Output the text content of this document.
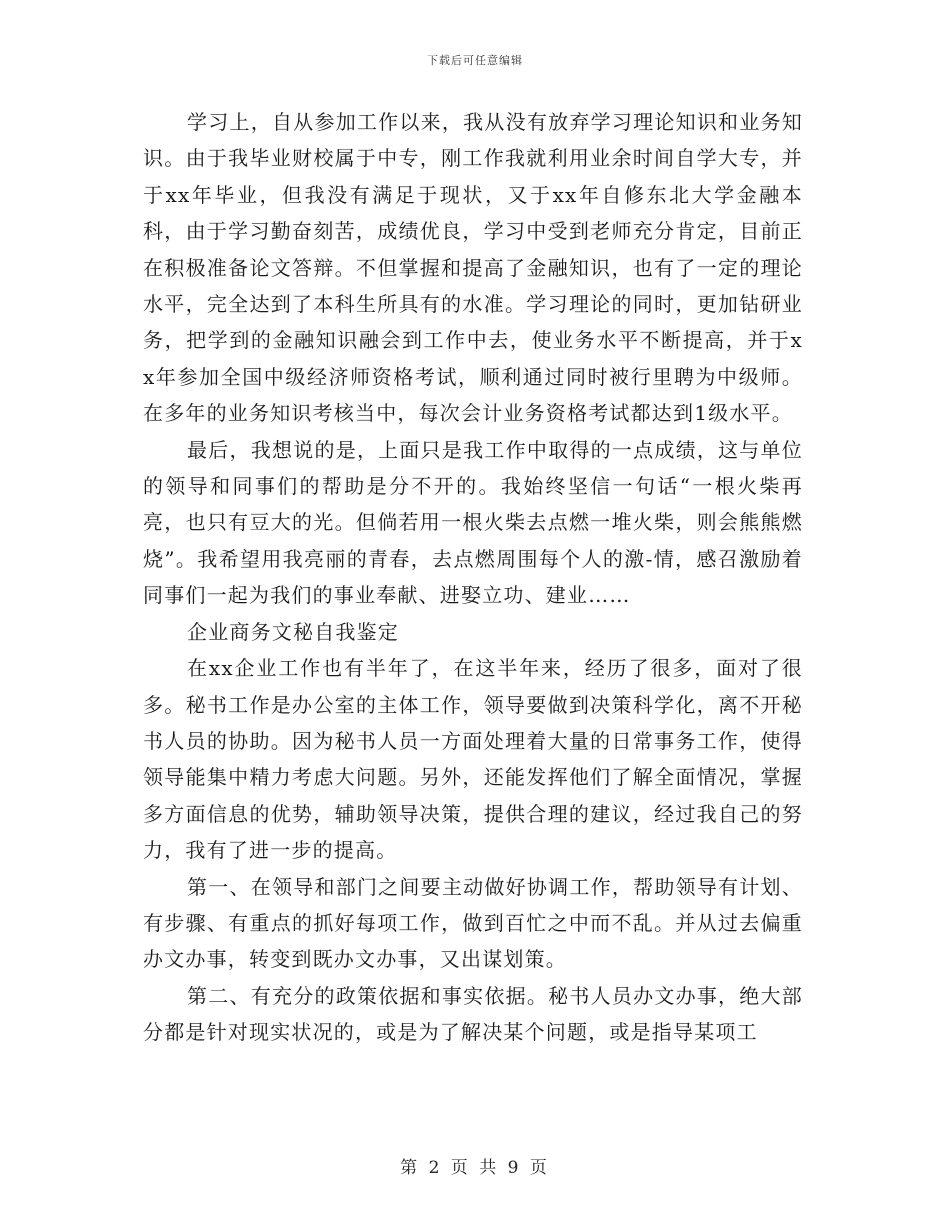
下载后可任意编辑

学习上，自从参加工作以来，我从没有放弃学习理论知识和业务知识。由于我毕业财校属于中专，刚工作我就利用业余时间自学大专，并于xx年毕业，但我没有满足于现状，又于xx年自修东北大学金融本科，由于学习勤奋刻苦，成绩优良，学习中受到老师充分肯定，目前正在积极准备论文答辩。不但掌握和提高了金融知识，也有了一定的理论水平，完全达到了本科生所具有的水准。学习理论的同时，更加钻研业务，把学到的金融知识融会到工作中去，使业务水平不断提高，并于xx年参加全国中级经济师资格考试，顺利通过同时被行里聘为中级师。在多年的业务知识考核当中，每次会计业务资格考试都达到1级水平。

最后，我想说的是，上面只是我工作中取得的一点成绩，这与单位的领导和同事们的帮助是分不开的。我始终坚信一句话“一根火柴再亮，也只有豆大的光。但倘若用一根火柴去点燃一堆火柴，则会熊熊燃烧”。我希望用我亮丽的青春，去点燃周围每个人的激-情，感召激励着同事们一起为我们的事业奉献、进娶立功、建业……

企业商务文秘自我鉴定

在xx企业工作也有半年了，在这半年来，经历了很多，面对了很多。秘书工作是办公室的主体工作，领导要做到决策科学化，离不开秘书人员的协助。因为秘书人员一方面处理着大量的日常事务工作，使得领导能集中精力考虑大问题。另外，还能发挥他们了解全面情况，掌握多方面信息的优势，辅助领导决策，提供合理的建议，经过我自己的努力，我有了进一步的提高。

第一、在领导和部门之间要主动做好协调工作，帮助领导有计划、有步骤、有重点的抓好每项工作，做到百忙之中而不乱。并从过去偏重办文办事，转变到既办文办事，又出谋划策。

第二、有充分的政策依据和事实依据。秘书人员办文办事，绝大部分都是针对现实状况的，或是为了解决某个问题，或是指导某项工

第 2 页 共 9 页
